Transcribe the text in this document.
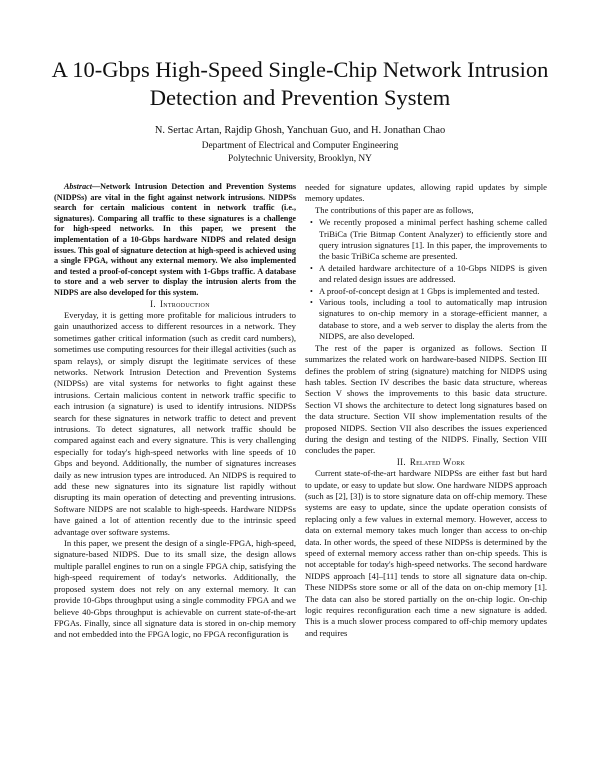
A 10-Gbps High-Speed Single-Chip Network Intrusion Detection and Prevention System
N. Sertac Artan, Rajdip Ghosh, Yanchuan Guo, and H. Jonathan Chao
Department of Electrical and Computer Engineering
Polytechnic University, Brooklyn, NY

Abstract—Network Intrusion Detection and Prevention Systems (NIDPSs) are vital in the fight against network intrusions. NIDPSs search for certain malicious content in network traffic (i.e., signatures). Comparing all traffic to these signatures is a challenge for high-speed networks. In this paper, we present the implementation of a 10-Gbps hardware NIDPS and related design issues. This goal of signature detection at high-speed is achieved using a single FPGA, without any external memory. We also implemented and tested a proof-of-concept system with 1-Gbps traffic. A database to store and a web server to display the intrusion alerts from the NIDPS are also developed for this system.

I. Introduction

Everyday, it is getting more profitable for malicious intruders to gain unauthorized access to different resources in a network. They sometimes gather critical information (such as credit card numbers), sometimes use computing resources for their illegal activities (such as spam relays), or simply disrupt the legitimate services of these networks. Network Intrusion Detection and Prevention Systems (NIDPSs) are vital systems for networks to fight against these intrusions. Certain malicious content in network traffic specific to each intrusion (a signature) is used to identify intrusions. NIDPSs search for these signatures in network traffic to detect and prevent intrusions. To detect signatures, all network traffic should be compared against each and every signature. This is very challenging especially for today's high-speed networks with line speeds of 10 Gbps and beyond. Additionally, the number of signatures increases daily as new intrusion types are introduced. An NIDPS is required to add these new signatures into its signature list rapidly without disrupting its main operation of detecting and preventing intrusions. Software NIDPS are not scalable to high-speeds. Hardware NIDPSs have gained a lot of attention recently due to the intrinsic speed advantage over software systems.

In this paper, we present the design of a single-FPGA, high-speed, signature-based NIDPS. Due to its small size, the design allows multiple parallel engines to run on a single FPGA chip, satisfying the high-speed requirement of today's networks. Additionally, the proposed system does not rely on any external memory. It can provide 10-Gbps throughput using a single commodity FPGA and we believe 40-Gbps throughput is achievable on current state-of-the-art FPGAs. Finally, since all signature data is stored in on-chip memory and not embedded into the FPGA logic, no FPGA reconfiguration is

needed for signature updates, allowing rapid updates by simple memory updates.

The contributions of this paper are as follows,

• We recently proposed a minimal perfect hashing scheme called TriBiCa (Trie Bitmap Content Analyzer) to efficiently store and query intrusion signatures [1]. In this paper, the improvements to the basic TriBiCa scheme are presented.
• A detailed hardware architecture of a 10-Gbps NIDPS is given and related design issues are addressed.
• A proof-of-concept design at 1 Gbps is implemented and tested.
• Various tools, including a tool to automatically map intrusion signatures to on-chip memory in a storage-efficient manner, a database to store, and a web server to display the alerts from the NIDPS, are also developed.

The rest of the paper is organized as follows. Section II summarizes the related work on hardware-based NIDPS. Section III defines the problem of string (signature) matching for NIDPS using hash tables. Section IV describes the basic data structure, whereas Section V shows the improvements to this basic data structure. Section VI shows the architecture to detect long signatures based on the data structure. Section VII show implementation results of the proposed NIDPS. Section VII also describes the issues experienced during the design and testing of the NIDPS. Finally, Section VIII concludes the paper.

II. Related Work

Current state-of-the-art hardware NIDPSs are either fast but hard to update, or easy to update but slow. One hardware NIDPS approach (such as [2], [3]) is to store signature data on off-chip memory. These systems are easy to update, since the update operation consists of replacing only a few values in external memory. However, access to data on external memory takes much longer than access to on-chip data. In other words, the speed of these NIDPSs is determined by the speed of external memory access rather than on-chip speeds. This is not acceptable for today's high-speed networks. The second hardware NIDPS approach [4]–[11] tends to store all signature data on-chip. These NIDPSs store some or all of the data on on-chip memory [1]. The data can also be stored partially on the on-chip logic. On-chip logic requires reconfiguration each time a new signature is added. This is a much slower process compared to off-chip memory updates and requires
